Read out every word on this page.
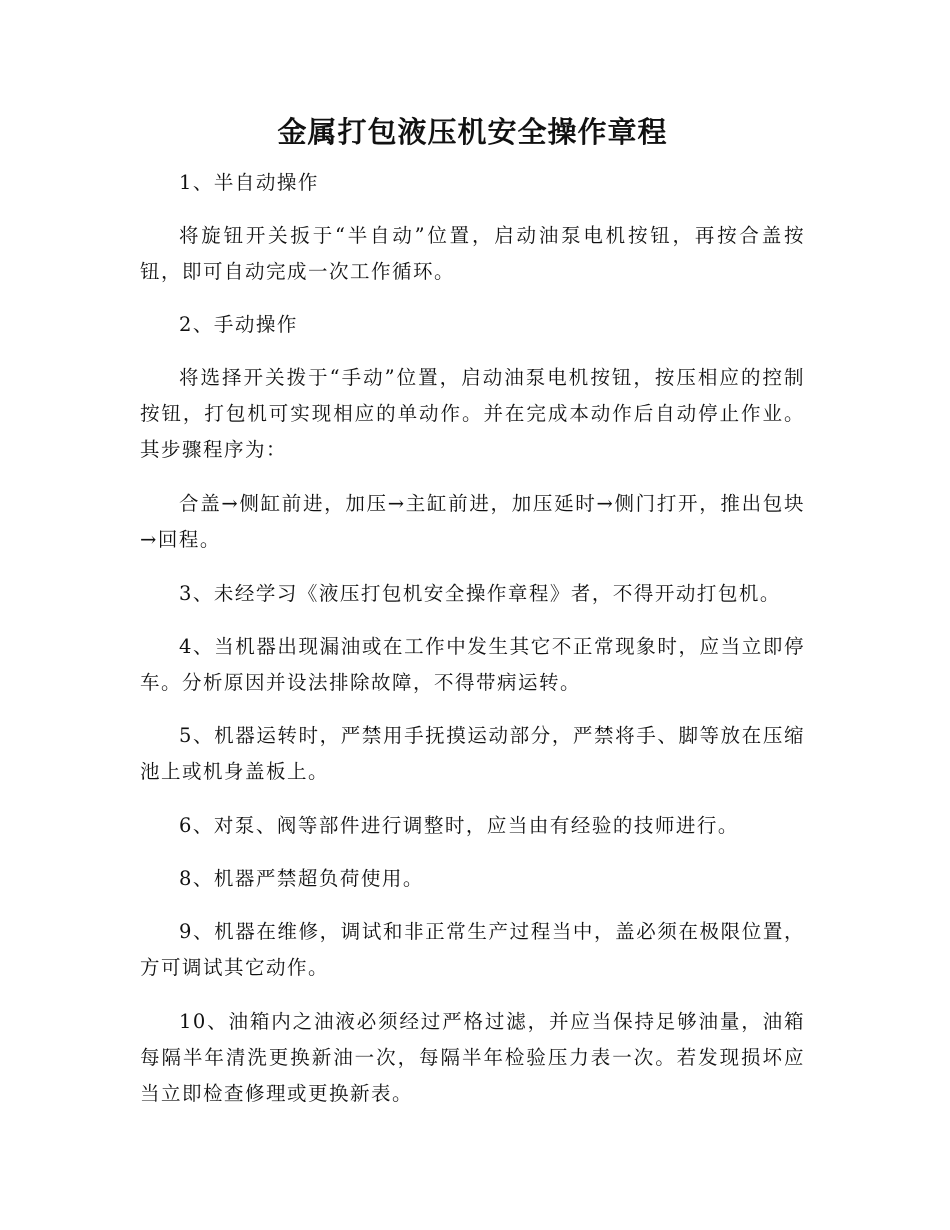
金属打包液压机安全操作章程

1、半自动操作

将旋钮开关扳于“半自动”位置，启动油泵电机按钮，再按合盖按钮，即可自动完成一次工作循环。

2、手动操作

将选择开关拨于“手动”位置，启动油泵电机按钮，按压相应的控制按钮，打包机可实现相应的单动作。并在完成本动作后自动停止作业。其步骤程序为：

合盖→侧缸前进，加压→主缸前进，加压延时→侧门打开，推出包块→回程。

3、未经学习《液压打包机安全操作章程》者，不得开动打包机。

4、当机器出现漏油或在工作中发生其它不正常现象时，应当立即停车。分析原因并设法排除故障，不得带病运转。

5、机器运转时，严禁用手抚摸运动部分，严禁将手、脚等放在压缩池上或机身盖板上。

6、对泵、阀等部件进行调整时，应当由有经验的技师进行。

8、机器严禁超负荷使用。

9、机器在维修，调试和非正常生产过程当中，盖必须在极限位置，方可调试其它动作。

10、油箱内之油液必须经过严格过滤，并应当保持足够油量，油箱每隔半年清洗更换新油一次，每隔半年检验压力表一次。若发现损坏应当立即检查修理或更换新表。
